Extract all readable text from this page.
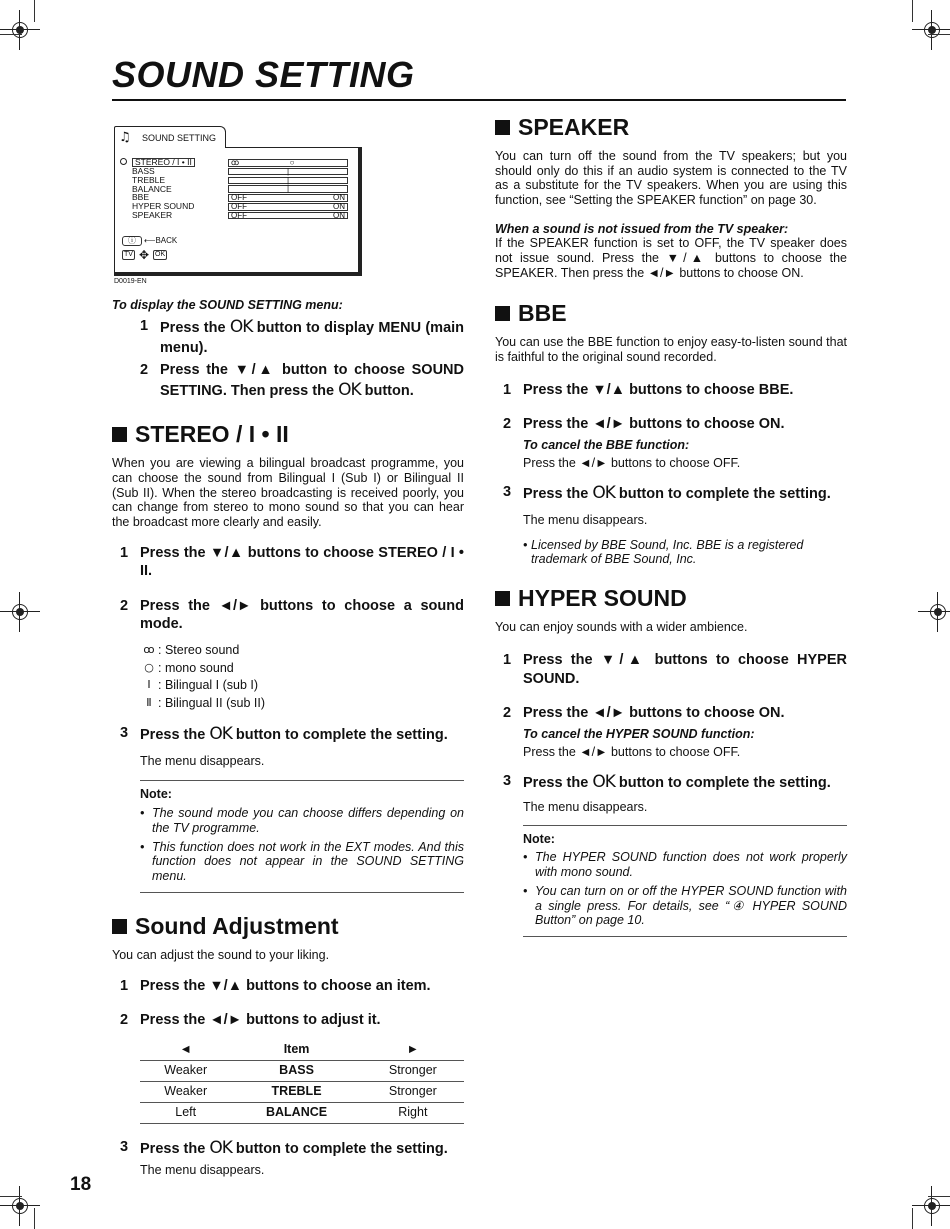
SOUND SETTING
♫ SOUND SETTING
STEREO / I • II
BASS
TREBLE
BALANCE
BBE
HYPER SOUND
SPEAKER
ꝏ	○
|
|
|
OFF	ON
OFF	ON
OFF	ON
ⓘ	⟵ BACK
TV ✥ OK
D0019-EN
To display the SOUND SETTING menu:
1 Press the OK button to display MENU (main menu).
2 Press the ▼/▲ button to choose SOUND SETTING. Then press the OK button.
STEREO / I • II
When you are viewing a bilingual broadcast programme, you can choose the sound from Bilingual I (Sub I) or Bilingual II (Sub II). When the stereo broadcasting is received poorly, you can change from stereo to mono sound so that you can hear the broadcast more clearly and easily.
1 Press the ▼/▲ buttons to choose STEREO / I • II.
2 Press the ◄/► buttons to choose a sound mode.
ꝏ : Stereo sound
○ : mono sound
Ⅰ : Bilingual I (sub I)
Ⅱ : Bilingual II (sub II)
3 Press the OK button to complete the setting.
The menu disappears.
Note:
• The sound mode you can choose differs depending on the TV programme.
• This function does not work in the EXT modes. And this function does not appear in the SOUND SETTING menu.
Sound Adjustment
You can adjust the sound to your liking.
1 Press the ▼/▲ buttons to choose an item.
2 Press the ◄/► buttons to adjust it.
◄	Item	►
Weaker	BASS	Stronger
Weaker	TREBLE	Stronger
Left	BALANCE	Right
3 Press the OK button to complete the setting.
The menu disappears.
SPEAKER
You can turn off the sound from the TV speakers; but you should only do this if an audio system is connected to the TV as a substitute for the TV speakers. When you are using this function, see “Setting the SPEAKER function” on page 30.
When a sound is not issued from the TV speaker:
If the SPEAKER function is set to OFF, the TV speaker does not issue sound. Press the ▼/▲ buttons to choose the SPEAKER. Then press the ◄/► buttons to choose ON.
BBE
You can use the BBE function to enjoy easy-to-listen sound that is faithful to the original sound recorded.
1 Press the ▼/▲ buttons to choose BBE.
2 Press the ◄/► buttons to choose ON.
To cancel the BBE function:
Press the ◄/► buttons to choose OFF.
3 Press the OK button to complete the setting.
The menu disappears.
• Licensed by BBE Sound, Inc. BBE is a registered trademark of BBE Sound, Inc.
HYPER SOUND
You can enjoy sounds with a wider ambience.
1 Press the ▼/▲ buttons to choose HYPER SOUND.
2 Press the ◄/► buttons to choose ON.
To cancel the HYPER SOUND function:
Press the ◄/► buttons to choose OFF.
3 Press the OK button to complete the setting.
The menu disappears.
Note:
• The HYPER SOUND function does not work properly with mono sound.
• You can turn on or off the HYPER SOUND function with a single press. For details, see “④ HYPER SOUND Button” on page 10.
18
